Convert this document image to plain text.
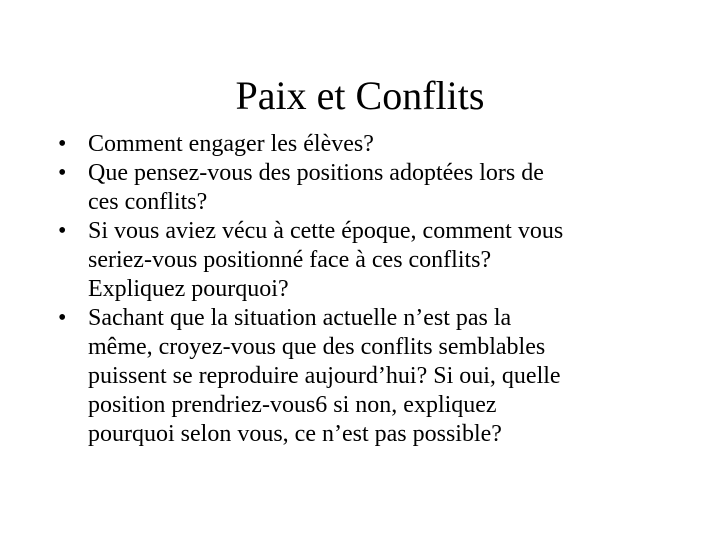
Paix et Conflits
• Comment engager les élèves?
• Que pensez-vous des positions adoptées lors de
ces conflits?
• Si vous aviez vécu à cette époque, comment vous
seriez-vous positionné face à ces conflits?
Expliquez pourquoi?
• Sachant que la situation actuelle n’est pas la
même, croyez-vous que des conflits semblables
puissent se reproduire aujourd’hui? Si oui, quelle
position prendriez-vous6 si non, expliquez
pourquoi selon vous, ce n’est pas possible?
